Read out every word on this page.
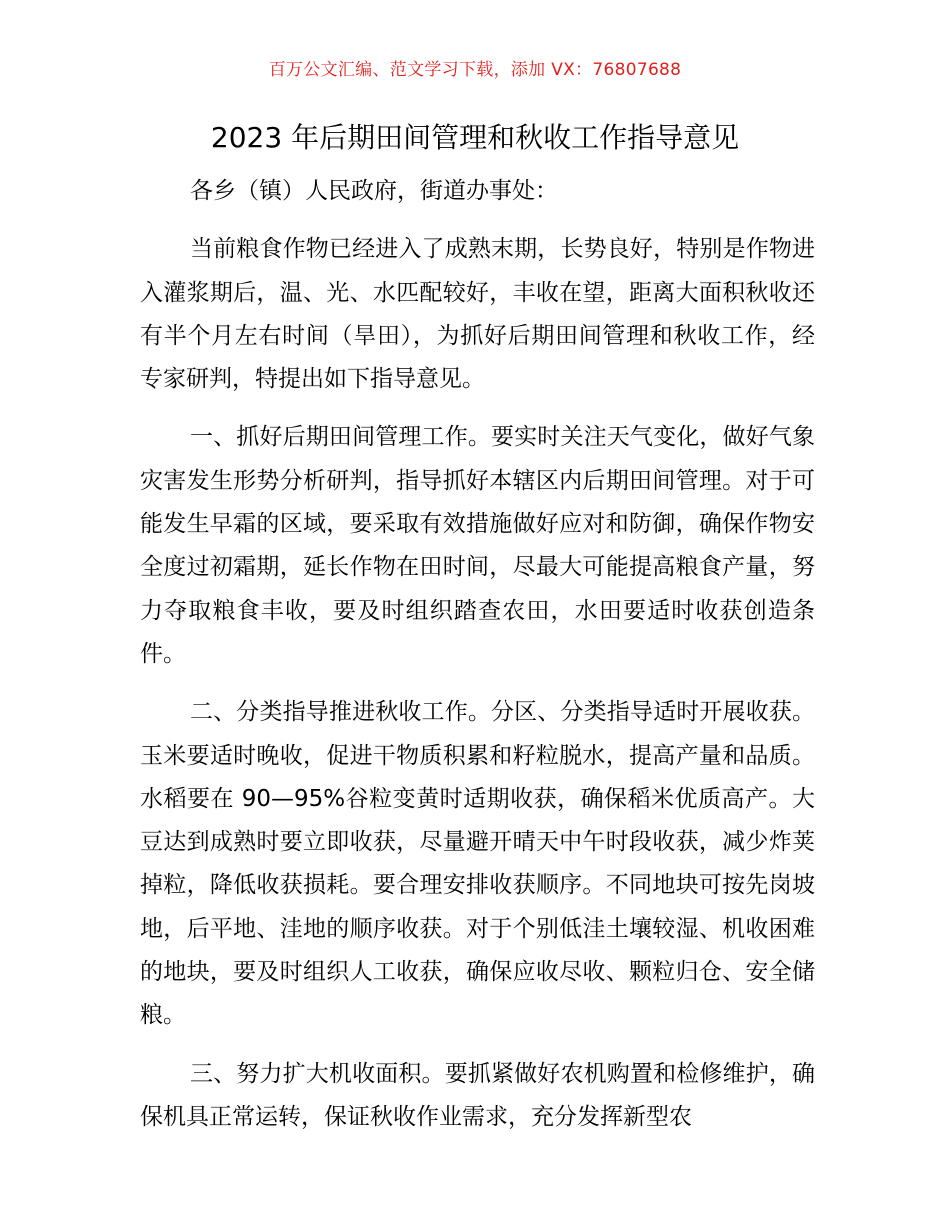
百万公文汇编、范文学习下载，添加 VX：76807688
2023 年后期田间管理和秋收工作指导意见

各乡（镇）人民政府，街道办事处：

当前粮食作物已经进入了成熟末期，长势良好，特别是作物进入灌浆期后，温、光、水匹配较好，丰收在望，距离大面积秋收还有半个月左右时间（旱田），为抓好后期田间管理和秋收工作，经专家研判，特提出如下指导意见。

一、抓好后期田间管理工作。要实时关注天气变化，做好气象灾害发生形势分析研判，指导抓好本辖区内后期田间管理。对于可能发生早霜的区域，要采取有效措施做好应对和防御，确保作物安全度过初霜期，延长作物在田时间，尽最大可能提高粮食产量，努力夺取粮食丰收，要及时组织踏查农田，水田要适时收获创造条件。

二、分类指导推进秋收工作。分区、分类指导适时开展收获。玉米要适时晚收，促进干物质积累和籽粒脱水，提高产量和品质。水稻要在 90—95%谷粒变黄时适期收获，确保稻米优质高产。大豆达到成熟时要立即收获，尽量避开晴天中午时段收获，减少炸荚掉粒，降低收获损耗。要合理安排收获顺序。不同地块可按先岗坡地，后平地、洼地的顺序收获。对于个别低洼土壤较湿、机收困难的地块，要及时组织人工收获，确保应收尽收、颗粒归仓、安全储粮。

三、努力扩大机收面积。要抓紧做好农机购置和检修维护，确保机具正常运转，保证秋收作业需求，充分发挥新型农
